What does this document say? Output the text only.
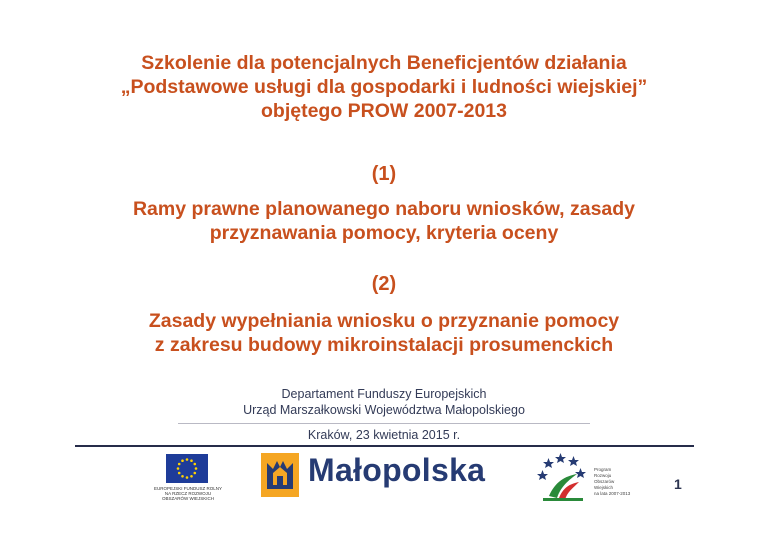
Szkolenie dla potencjalnych Beneficjentów działania
„Podstawowe usługi dla gospodarki i ludności wiejskiej”
objętego PROW 2007-2013
(1)
Ramy prawne planowanego naboru wniosków, zasady
przyznawania pomocy, kryteria oceny
(2)
Zasady wypełniania wniosku o przyznanie pomocy
z zakresu budowy mikroinstalacji prosumenckich
Departament Funduszy Europejskich
Urząd Marszałkowski Województwa Małopolskiego
Kraków, 23 kwietnia 2015 r.
EUROPEJSKI FUNDUSZ ROLNY
NA RZECZ ROZWOJU
OBSZARÓW WIEJSKICH
Małopolska	Program
Rozwoju
Obszarów
Wiejskich
na lata 2007-2013
1
